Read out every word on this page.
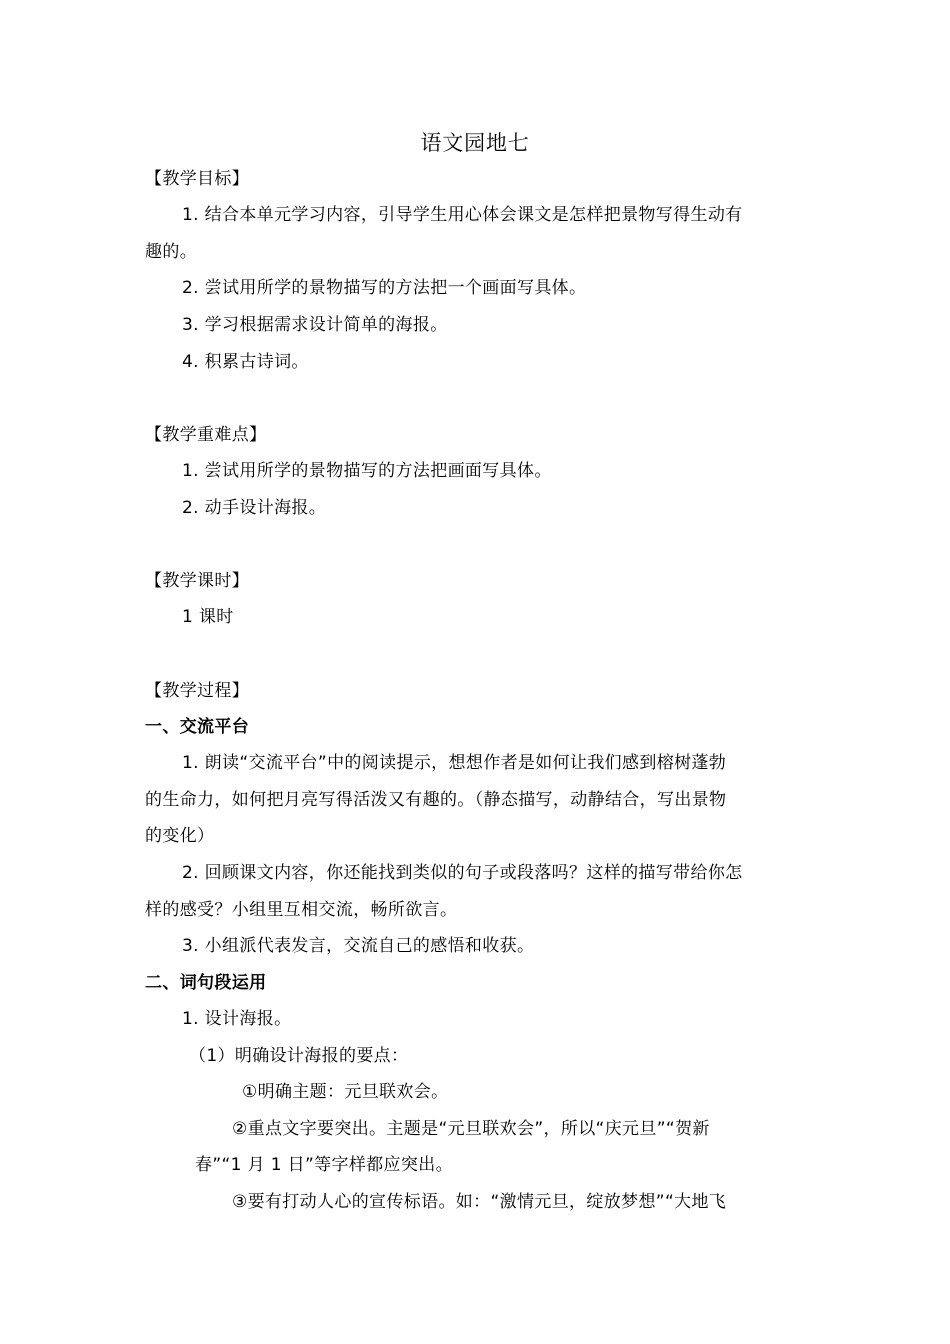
语文园地七
【教学目标】
1. 结合本单元学习内容，引导学生用心体会课文是怎样把景物写得生动有
趣的。
2. 尝试用所学的景物描写的方法把一个画面写具体。
3. 学习根据需求设计简单的海报。
4. 积累古诗词。
【教学重难点】
1. 尝试用所学的景物描写的方法把画面写具体。
2. 动手设计海报。
【教学课时】
1 课时
【教学过程】
一、交流平台
1. 朗读“交流平台”中的阅读提示，想想作者是如何让我们感到榕树蓬勃
的生命力，如何把月亮写得活泼又有趣的。（静态描写，动静结合，写出景物
的变化）
2. 回顾课文内容，你还能找到类似的句子或段落吗？这样的描写带给你怎
样的感受？小组里互相交流，畅所欲言。
3. 小组派代表发言，交流自己的感悟和收获。
二、词句段运用
1. 设计海报。
（1）明确设计海报的要点：
①明确主题：元旦联欢会。
②重点文字要突出。主题是“元旦联欢会”，所以“庆元旦”“贺新
春”“1 月 1 日”等字样都应突出。
③要有打动人心的宣传标语。如：“激情元旦，绽放梦想”“大地飞
